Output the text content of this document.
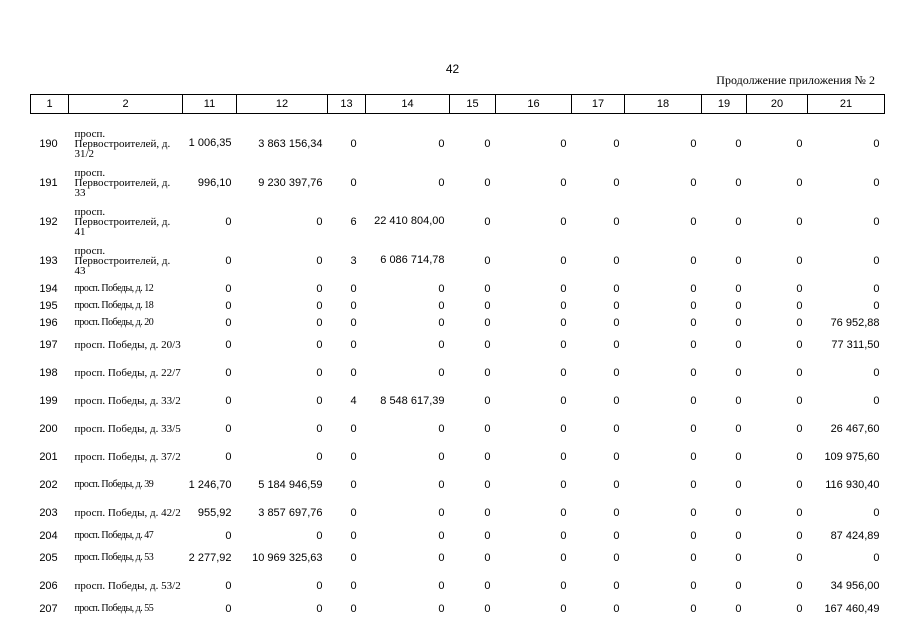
42
Продолжение приложения № 2
1	2	11	12	13	14	15	16	17	18	19	20	21

190	просп. Первостроителей, д. 31/2	1 006,35	3 863 156,34	0	0	0	0	0	0	0	0	0
191	просп. Первостроителей, д. 33	996,10	9 230 397,76	0	0	0	0	0	0	0	0	0
192	просп. Первостроителей, д. 41	0	0	6	22 410 804,00	0	0	0	0	0	0	0
193	просп. Первостроителей, д. 43	0	0	3	6 086 714,78	0	0	0	0	0	0	0
194	просп. Победы, д. 12	0	0	0	0	0	0	0	0	0	0	0
195	просп. Победы, д. 18	0	0	0	0	0	0	0	0	0	0	0
196	просп. Победы, д. 20	0	0	0	0	0	0	0	0	0	0	76 952,88
197	просп. Победы, д. 20/3	0	0	0	0	0	0	0	0	0	0	77 311,50
198	просп. Победы, д. 22/7	0	0	0	0	0	0	0	0	0	0	0
199	просп. Победы, д. 33/2	0	0	4	8 548 617,39	0	0	0	0	0	0	0
200	просп. Победы, д. 33/5	0	0	0	0	0	0	0	0	0	0	26 467,60
201	просп. Победы, д. 37/2	0	0	0	0	0	0	0	0	0	0	109 975,60
202	просп. Победы, д. 39	1 246,70	5 184 946,59	0	0	0	0	0	0	0	0	116 930,40
203	просп. Победы, д. 42/2	955,92	3 857 697,76	0	0	0	0	0	0	0	0	0
204	просп. Победы, д. 47	0	0	0	0	0	0	0	0	0	0	87 424,89
205	просп. Победы, д. 53	2 277,92	10 969 325,63	0	0	0	0	0	0	0	0	0
206	просп. Победы, д. 53/2	0	0	0	0	0	0	0	0	0	0	34 956,00
207	просп. Победы, д. 55	0	0	0	0	0	0	0	0	0	0	167 460,49
